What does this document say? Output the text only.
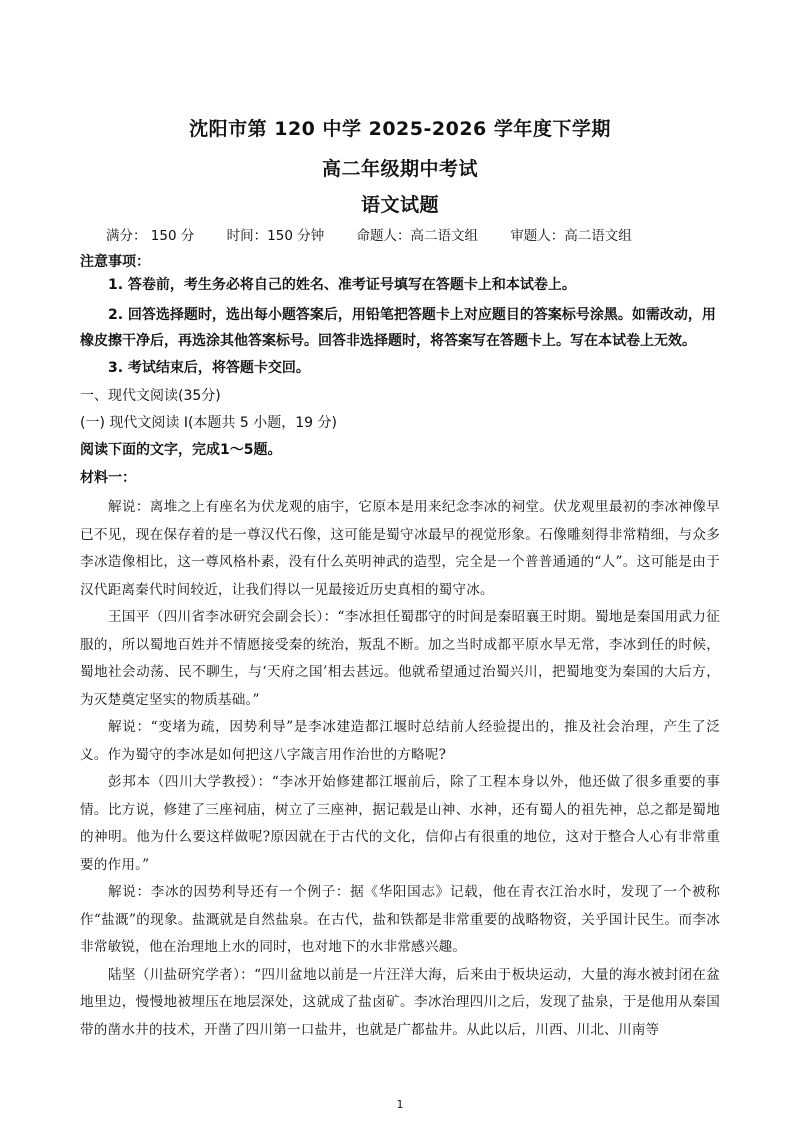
沈阳市第 120 中学 2025-2026 学年度下学期
高二年级期中考试
语文试题
满分： 150 分 时间：150 分钟 命题人：高二语文组 审题人：高二语文组
注意事项：

1. 答卷前，考生务必将自己的姓名、准考证号填写在答题卡上和本试卷上。

2. 回答选择题时，选出每小题答案后，用铅笔把答题卡上对应题目的答案标号涂黑。如需改动，用橡皮擦干净后，再选涂其他答案标号。回答非选择题时，将答案写在答题卡上。写在本试卷上无效。

3. 考试结束后，将答题卡交回。

一、现代文阅读(35分)
(一) 现代文阅读 I(本题共 5 小题，19 分)
阅读下面的文字，完成1～5题。
材料一：

解说：离堆之上有座名为伏龙观的庙宇，它原本是用来纪念李冰的祠堂。伏龙观里最初的李冰神像早已不见，现在保存着的是一尊汉代石像，这可能是蜀守冰最早的视觉形象。石像雕刻得非常精细，与众多李冰造像相比，这一尊风格朴素，没有什么英明神武的造型，完全是一个普普通通的“人”。这可能是由于汉代距离秦代时间较近，让我们得以一见最接近历史真相的蜀守冰。

王国平（四川省李冰研究会副会长）：“李冰担任蜀郡守的时间是秦昭襄王时期。蜀地是秦国用武力征服的，所以蜀地百姓并不情愿接受秦的统治，叛乱不断。加之当时成都平原水旱无常，李冰到任的时候，蜀地社会动荡、民不聊生，与‘天府之国’相去甚远。他就希望通过治蜀兴川，把蜀地变为秦国的大后方，为灭楚奠定坚实的物质基础。”

解说：“变堵为疏，因势利导”是李冰建造都江堰时总结前人经验提出的，推及社会治理，产生了泛义。作为蜀守的李冰是如何把这八字箴言用作治世的方略呢?

彭邦本（四川大学教授）：“李冰开始修建都江堰前后，除了工程本身以外，他还做了很多重要的事情。比方说，修建了三座祠庙，树立了三座神，据记载是山神、水神，还有蜀人的祖先神，总之都是蜀地的神明。他为什么要这样做呢?原因就在于古代的文化，信仰占有很重的地位，这对于整合人心有非常重要的作用。”

解说：李冰的因势利导还有一个例子：据《华阳国志》记载，他在青衣江治水时，发现了一个被称作“盐溉”的现象。盐溉就是自然盐泉。在古代，盐和铁都是非常重要的战略物资，关乎国计民生。而李冰非常敏锐，他在治理地上水的同时，也对地下的水非常感兴趣。

陆坚（川盐研究学者）：“四川盆地以前是一片汪洋大海，后来由于板块运动，大量的海水被封闭在盆地里边，慢慢地被埋压在地层深处，这就成了盐卤矿。李冰治理四川之后，发现了盐泉，于是他用从秦国带的凿水井的技术，开凿了四川第一口盐井，也就是广都盐井。从此以后，川西、川北、川南等

1
